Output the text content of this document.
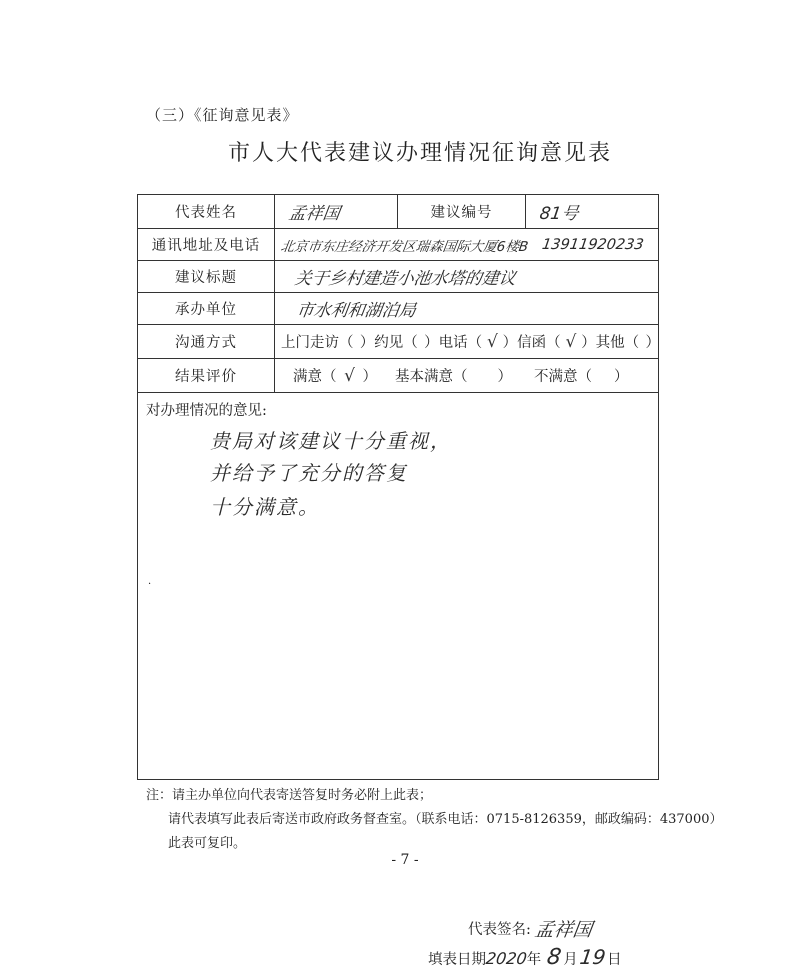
（三）《征询意见表》
市人大代表建议办理情况征询意见表
代表姓名	孟祥国	建议编号	81号
通讯地址及电话	北京市东庄经济开发区瑞森国际大厦6楼B 13911920233
建议标题	关于乡村建造小池水塔的建议
承办单位	市水利和湖泊局
沟通方式	上门走访（ ）约见（ ）电话（ √ ）信函（ √ ）其他（ ）
结果评价	满意（ √ ） 基本满意（ ） 不满意（ ）
对办理情况的意见:
贵局对该建议十分重视，
并给予了充分的答复
十分满意。
·
代表签名: 孟祥国
填表日期
2020
年 8 月 19 日
注：请主办单位向代表寄送答复时务必附上此表；
请代表填写此表后寄送市政府政务督查室。（联系电话：0715-8126359，邮政编码：437000）
此表可复印。
- 7 -
